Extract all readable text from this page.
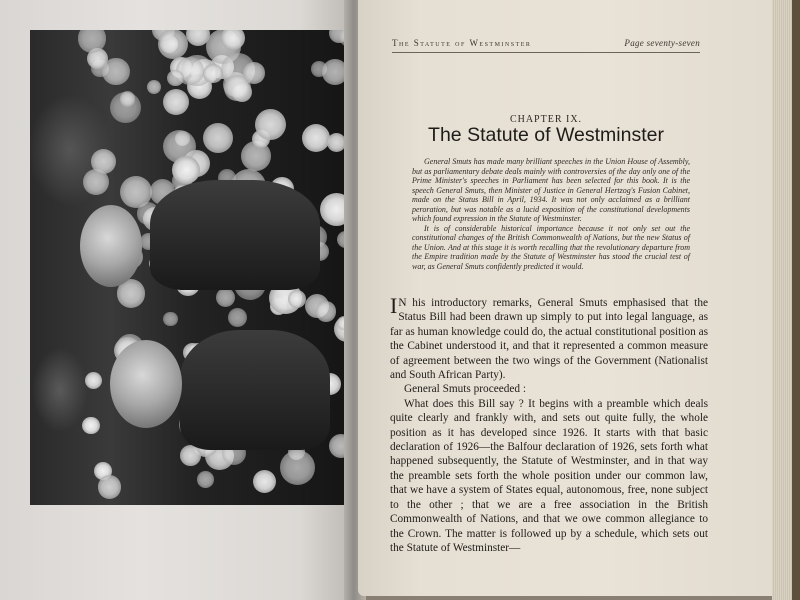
The Statute of Westminster	Page seventy-seven
CHAPTER IX.
The Statute of Westminster

General Smuts has made many brilliant speeches in the Union House of Assembly, but as parliamentary debate deals mainly with controversies of the day only one of the Prime Minister's speeches in Parliament has been selected for this book. It is the speech General Smuts, then Minister of Justice in General Hertzog's Fusion Cabinet, made on the Status Bill in April, 1934. It was not only acclaimed as a brilliant peroration, but was notable as a lucid exposition of the constitutional developments which found expression in the Statute of Westminster.

It is of considerable historical importance because it not only set out the constitutional changes of the British Commonwealth of Nations, but the new Status of the Union. And at this stage it is worth recalling that the revolutionary departure from the Empire tradition made by the Statute of Westminster has stood the crucial test of war, as General Smuts confidently predicted it would.

I N his introductory remarks, General Smuts emphasised that the Status Bill had been drawn up simply to put into legal language, as far as human knowledge could do, the actual constitutional position as the Cabinet understood it, and that it represented a common measure of agreement between the two wings of the Government (Nationalist and South African Party).

General Smuts proceeded :

What does this Bill say ? It begins with a preamble which deals quite clearly and frankly with, and sets out quite fully, the whole position as it has developed since 1926. It starts with that basic declaration of 1926—the Balfour declaration of 1926, sets forth what happened subsequently, the Statute of Westminster, and in that way the preamble sets forth the whole position under our common law, that we have a system of States equal, autonomous, free, none subject to the other ; that we are a free association in the British Commonwealth of Nations, and that we owe common allegiance to the Crown. The matter is followed up by a schedule, which sets out the Statute of Westminster—
